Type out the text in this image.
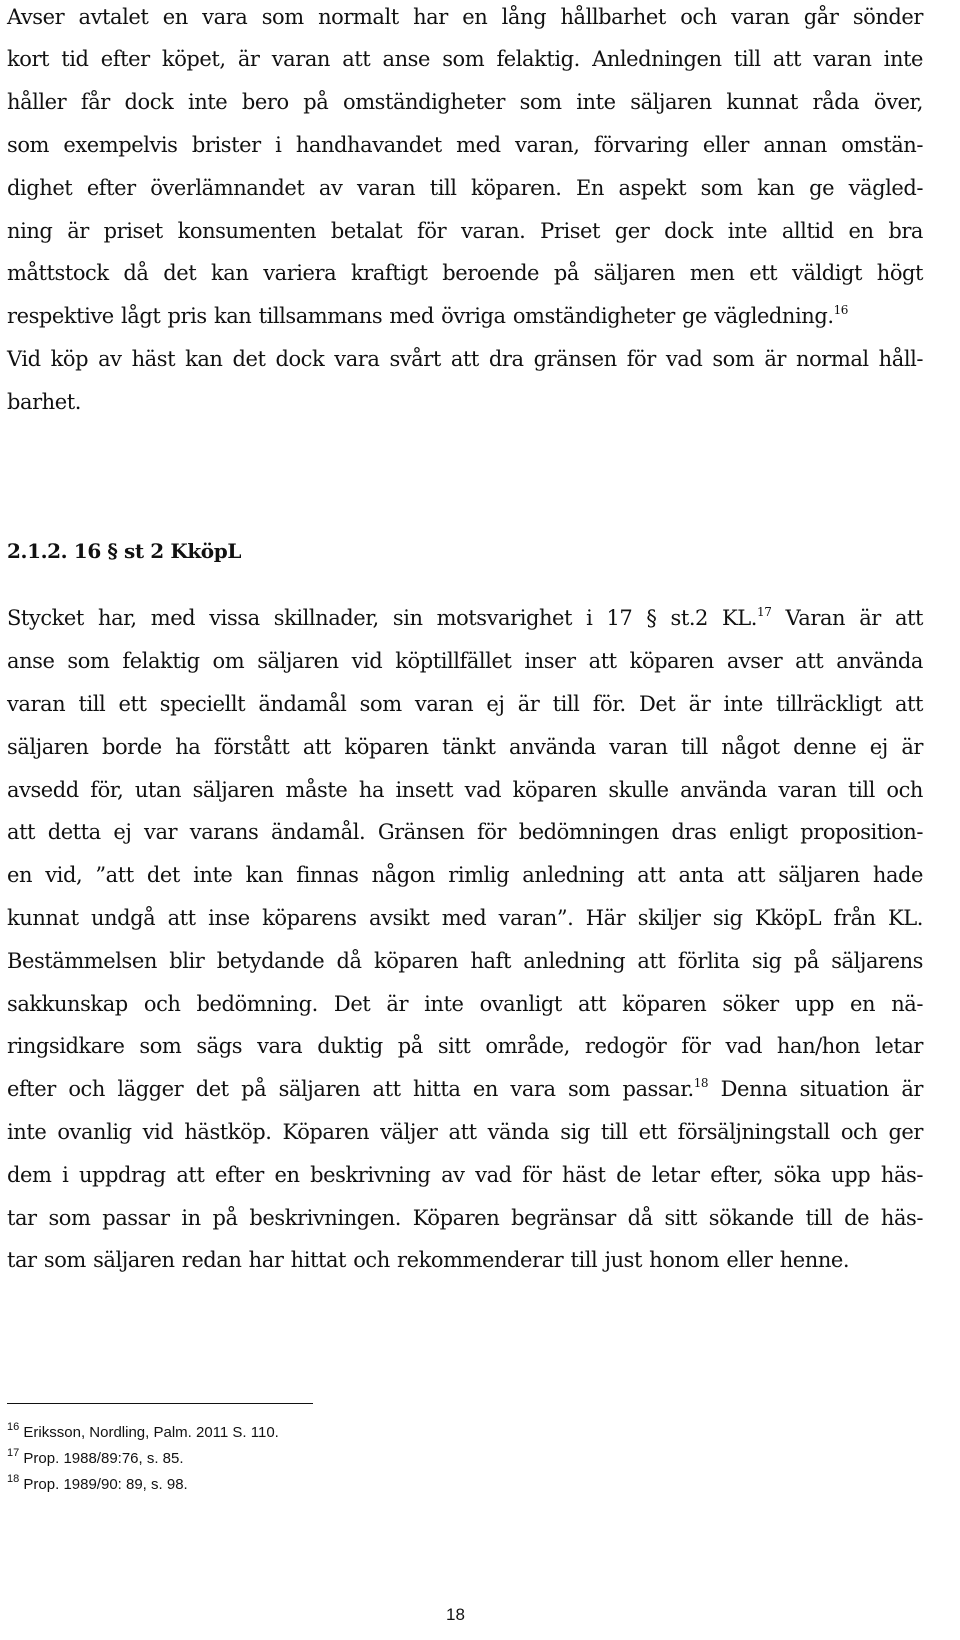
Avser avtalet en vara som normalt har en lång hållbarhet och varan går sönder

kort tid efter köpet, är varan att anse som felaktig. Anledningen till att varan inte

håller får dock inte bero på omständigheter som inte säljaren kunnat råda över,

som exempelvis brister i handhavandet med varan, förvaring eller annan omstän-

dighet efter överlämnandet av varan till köparen. En aspekt som kan ge vägled-

ning är priset konsumenten betalat för varan. Priset ger dock inte alltid en bra

måttstock då det kan variera kraftigt beroende på säljaren men ett väldigt högt

respektive lågt pris kan tillsammans med övriga omständigheter ge vägledning.$^{16}$

Vid köp av häst kan det dock vara svårt att dra gränsen för vad som är normal håll-

barhet.

2.1.2. 16 § st 2 KköpL

Stycket har, med vissa skillnader, sin motsvarighet i 17 § st.2 KL.$^{17}$ Varan är att

anse som felaktig om säljaren vid köptillfället inser att köparen avser att använda

varan till ett speciellt ändamål som varan ej är till för. Det är inte tillräckligt att

säljaren borde ha förstått att köparen tänkt använda varan till något denne ej är

avsedd för, utan säljaren måste ha insett vad köparen skulle använda varan till och

att detta ej var varans ändamål. Gränsen för bedömningen dras enligt proposition-

en vid, ”att det inte kan finnas någon rimlig anledning att anta att säljaren hade

kunnat undgå att inse köparens avsikt med varan”. Här skiljer sig KköpL från KL.

Bestämmelsen blir betydande då köparen haft anledning att förlita sig på säljarens

sakkunskap och bedömning. Det är inte ovanligt att köparen söker upp en nä-

ringsidkare som sägs vara duktig på sitt område, redogör för vad han/hon letar

efter och lägger det på säljaren att hitta en vara som passar.$^{18}$ Denna situation är

inte ovanlig vid hästköp. Köparen väljer att vända sig till ett försäljningstall och ger

dem i uppdrag att efter en beskrivning av vad för häst de letar efter, söka upp häs-

tar som passar in på beskrivningen. Köparen begränsar då sitt sökande till de häs-

tar som säljaren redan har hittat och rekommenderar till just honom eller henne.

$^{16}$ Eriksson, Nordling, Palm. 2011 S. 110.

$^{17}$ Prop. 1988/89:76, s. 85.

$^{18}$ Prop. 1989/90: 89, s. 98.

18
